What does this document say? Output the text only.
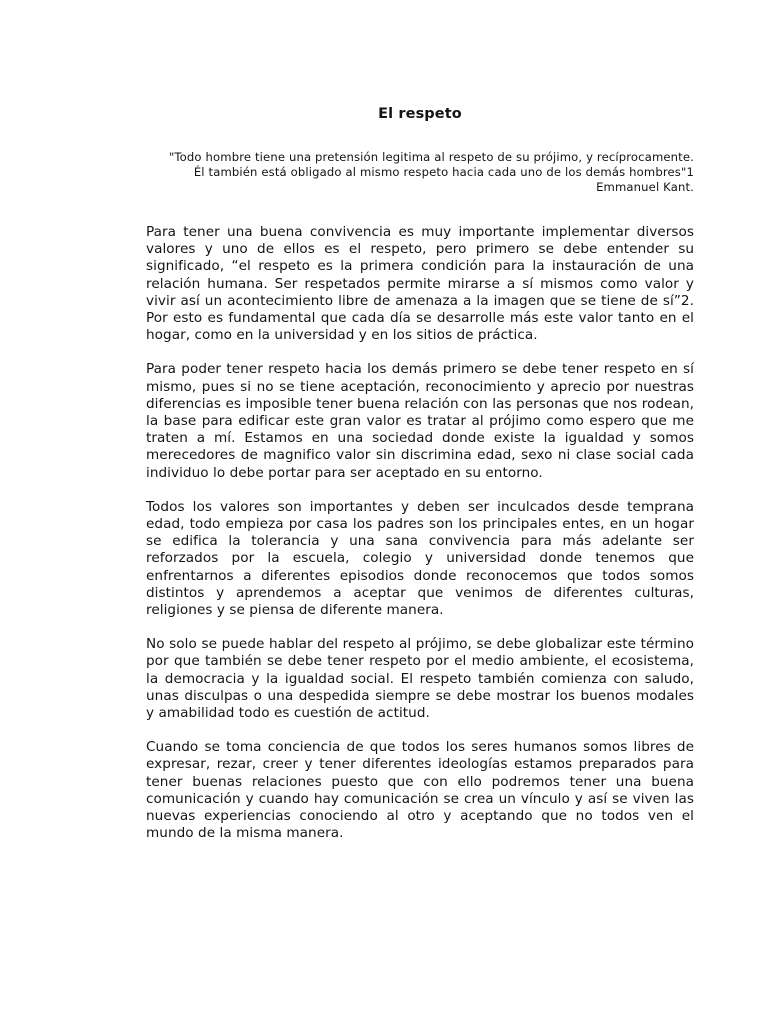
El respeto

"Todo hombre tiene una pretensión legitima al respeto de su prójimo, y recíprocamente. Él también está obligado al mismo respeto hacia cada uno de los demás hombres"1 Emmanuel Kant.

Para tener una buena convivencia es muy importante implementar diversos valores y uno de ellos es el respeto, pero primero se debe entender su significado, “el respeto es la primera condición para la instauración de una relación humana. Ser respetados permite mirarse a sí mismos como valor y vivir así un acontecimiento libre de amenaza a la imagen que se tiene de sí”2. Por esto es fundamental que cada día se desarrolle más este valor tanto en el hogar, como en la universidad y en los sitios de práctica.

Para poder tener respeto hacia los demás primero se debe tener respeto en sí mismo, pues si no se tiene aceptación, reconocimiento y aprecio por nuestras diferencias es imposible tener buena relación con las personas que nos rodean, la base para edificar este gran valor es tratar al prójimo como espero que me traten a mí. Estamos en una sociedad donde existe la igualdad y somos merecedores de magnifico valor sin discrimina edad, sexo ni clase social cada individuo lo debe portar para ser aceptado en su entorno.

Todos los valores son importantes y deben ser inculcados desde temprana edad, todo empieza por casa los padres son los principales entes, en un hogar se edifica la tolerancia y una sana convivencia para más adelante ser reforzados por la escuela, colegio y universidad donde tenemos que enfrentarnos a diferentes episodios donde reconocemos que todos somos distintos y aprendemos a aceptar que venimos de diferentes culturas, religiones y se piensa de diferente manera.

No solo se puede hablar del respeto al prójimo, se debe globalizar este término por que también se debe tener respeto por el medio ambiente, el ecosistema, la democracia y la igualdad social. El respeto también comienza con saludo, unas disculpas o una despedida siempre se debe mostrar los buenos modales y amabilidad todo es cuestión de actitud.

Cuando se toma conciencia de que todos los seres humanos somos libres de expresar, rezar, creer y tener diferentes ideologías estamos preparados para tener buenas relaciones puesto que con ello podremos tener una buena comunicación y cuando hay comunicación se crea un vínculo y así se viven las nuevas experiencias conociendo al otro y aceptando que no todos ven el mundo de la misma manera.
